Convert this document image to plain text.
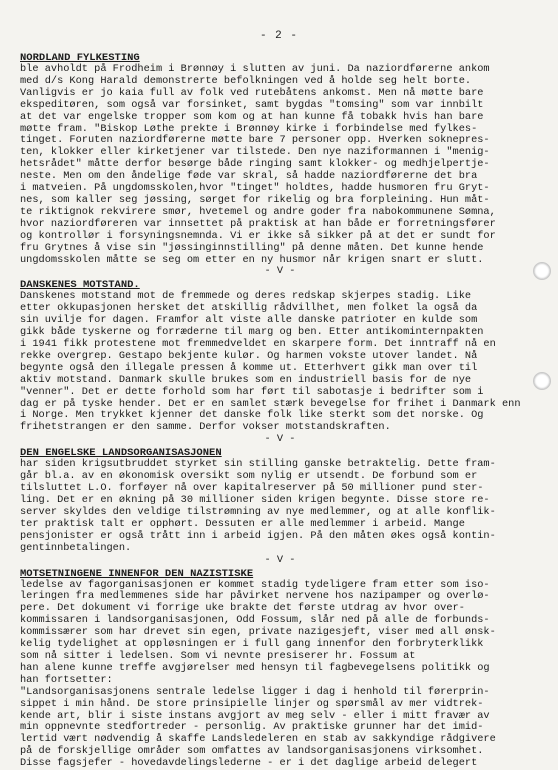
- 2 -
NORDLAND FYLKESTING
ble avholdt på Frodheim i Brønnøy i slutten av juni. Da naziordførerne ankom
med d/s Kong Harald demonstrerte befolkningen ved å holde seg helt borte.
Vanligvis er jo kaia full av folk ved rutebåtens ankomst. Men nå møtte bare
ekspeditøren, som også var forsinket, samt bygdas "tomsing" som var innbilt
at det var engelske tropper som kom og at han kunne få tobakk hvis han bare
møtte fram. "Biskop Løthe prekte i Brønnøy kirke i forbindelse med fylkes-
tinget. Foruten naziordførerne møtte bare 7 personer opp. Hverken soknepres-
ten, klokker eller kirketjener var tilstede. Den nye naziformannen i "menig-
hetsrådet" måtte derfor besørge både ringing samt klokker- og medhjelpertje-
neste. Men om den åndelige føde var skral, så hadde naziordførerne det bra
i matveien. På ungdomsskolen,hvor "tinget" holdtes, hadde husmoren fru Gryt-
nes, som kaller seg jøssing, sørget for rikelig og bra forpleining. Hun måt-
te riktignok rekvirere smør, hvetemel og andre goder fra nabokommunene Sømna,
hvor naziordføreren var innsettet på praktisk at han både er forretningsfører
og kontrollør i forsyningsnemnda. Vi er ikke så sikker på at det er sundt for
fru Grytnes å vise sin "jøssinginnstilling" på denne måten. Det kunne hende
ungdomsskolen måtte se seg om etter en ny husmor når krigen snart er slutt.
- V -
DANSKENES MOTSTAND.
Danskenes motstand mot de fremmede og deres redskap skjerpes stadig. Like
etter okkupasjonen hersket det atskillig rådvillhet, men folket la også da
sin uvilje for dagen. Framfor alt viste alle danske patrioter en kulde som
gikk både tyskerne og forræderne til marg og ben. Etter antikominternpakten
i 1941 fikk protestene mot fremmedveldet en skarpere form. Det inntraff nå en
rekke overgrep. Gestapo bekjente kulør. Og harmen vokste utover landet. Nå
begynte også den illegale pressen å komme ut. Etterhvert gikk man over til
aktiv motstand. Danmark skulle brukes som en industriell basis for de nye
"venner". Det er dette forhold som har ført til sabotasje i bedrifter som i
dag er på tyske hender. Det er en samlet stærk bevegelse for frihet i Danmark enn
i Norge. Men trykket kjenner det danske folk like sterkt som det norske. Og
frihetstrangen er den samme. Derfor vokser motstandskraften.
- V -
DEN ENGELSKE LANDSORGANISASJONEN
har siden krigsutbruddet styrket sin stilling ganske betraktelig. Dette fram-
går bl.a. av en økonomisk oversikt som nylig er utsendt. De forbund som er
tilsluttet L.O. forføyer nå over kapitalreserver på 50 millioner pund ster-
ling. Det er en økning på 30 millioner siden krigen begynte. Disse store re-
server skyldes den veldige tilstrømning av nye medlemmer, og at alle konflik-
ter praktisk talt er opphørt. Dessuten er alle medlemmer i arbeid. Mange
pensjonister er også trått inn i arbeid igjen. På den måten økes også kontin-
gentinnbetalingen.
- V -
MOTSETNINGENE INNENFOR DEN NAZISTISKE
ledelse av fagorganisasjonen er kommet stadig tydeligere fram etter som iso-
leringen fra medlemmenes side har påvirket nervene hos nazipamper og overlø-
pere. Det dokument vi forrige uke brakte det første utdrag av hvor over-
kommissaren i landsorganisasjonen, Odd Fossum, slår ned på alle de forbunds-
kommissærer som har drevet sin egen, private nazigesjeft, viser med all ønsk-
kelig tydelighet at oppløsningen er i full gang innenfor den forbryterklikk
som nå sitter i ledelsen. Som vi nevnte presiserer hr. Fossum at
han alene kunne treffe avgjørelser med hensyn til fagbevegelsens politikk og
han fortsetter:
"Landsorganisasjonens sentrale ledelse ligger i dag i henhold til førerprin-
sippet i min hånd. De store prinsipielle linjer og spørsmål av mer vidtrek-
kende art, blir i siste instans avgjort av meg selv - eller i mitt fravær av
min oppnevnte stedfortreder - personlig. Av praktiske grunner har det imid-
lertid vært nødvendig å skaffe Landsledeleren en stab av sakkyndige rådgivere
på de forskjellige områder som omfattes av landsorganisasjonens virksomhet.
Disse fagsjefer - hovedavdelingslederne - er i det daglige arbeid delegert
